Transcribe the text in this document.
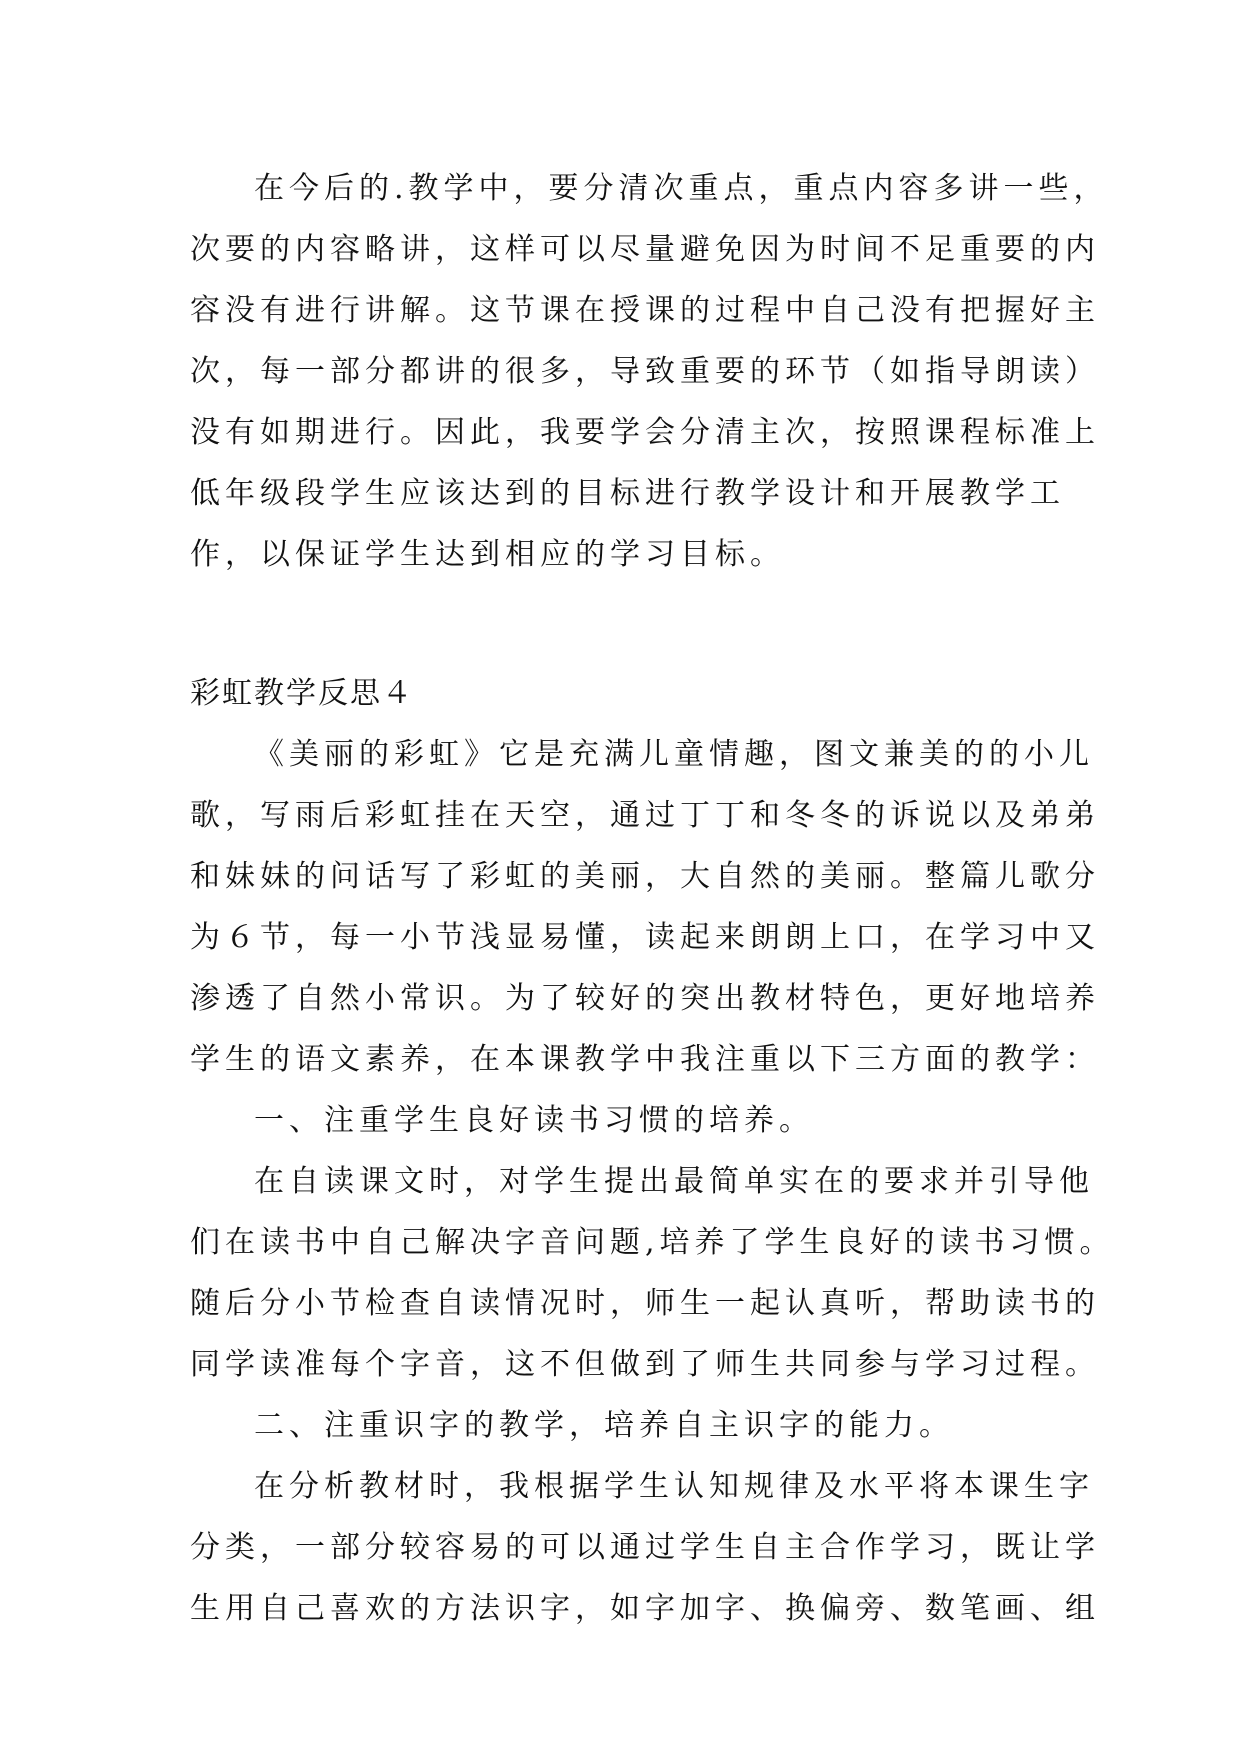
在今后的.教学中，要分清次重点，重点内容多讲一些，
次要的内容略讲，这样可以尽量避免因为时间不足重要的内
容没有进行讲解。这节课在授课的过程中自己没有把握好主
次，每一部分都讲的很多，导致重要的环节（如指导朗读）
没有如期进行。因此，我要学会分清主次，按照课程标准上
低年级段学生应该达到的目标进行教学设计和开展教学工
作，以保证学生达到相应的学习目标。
彩虹教学反思４
《美丽的彩虹》它是充满儿童情趣，图文兼美的的小儿
歌，写雨后彩虹挂在天空，通过丁丁和冬冬的诉说以及弟弟
和妹妹的问话写了彩虹的美丽，大自然的美丽。整篇儿歌分
为６节，每一小节浅显易懂，读起来朗朗上口，在学习中又
渗透了自然小常识。为了较好的突出教材特色，更好地培养
学生的语文素养，在本课教学中我注重以下三方面的教学：
一、注重学生良好读书习惯的培养。
在自读课文时，对学生提出最简单实在的要求并引导他
们在读书中自己解决字音问题,培养了学生良好的读书习惯。
随后分小节检查自读情况时，师生一起认真听，帮助读书的
同学读准每个字音，这不但做到了师生共同参与学习过程。
二、注重识字的教学，培养自主识字的能力。
在分析教材时，我根据学生认知规律及水平将本课生字
分类，一部分较容易的可以通过学生自主合作学习，既让学
生用自己喜欢的方法识字，如字加字、换偏旁、数笔画、组
